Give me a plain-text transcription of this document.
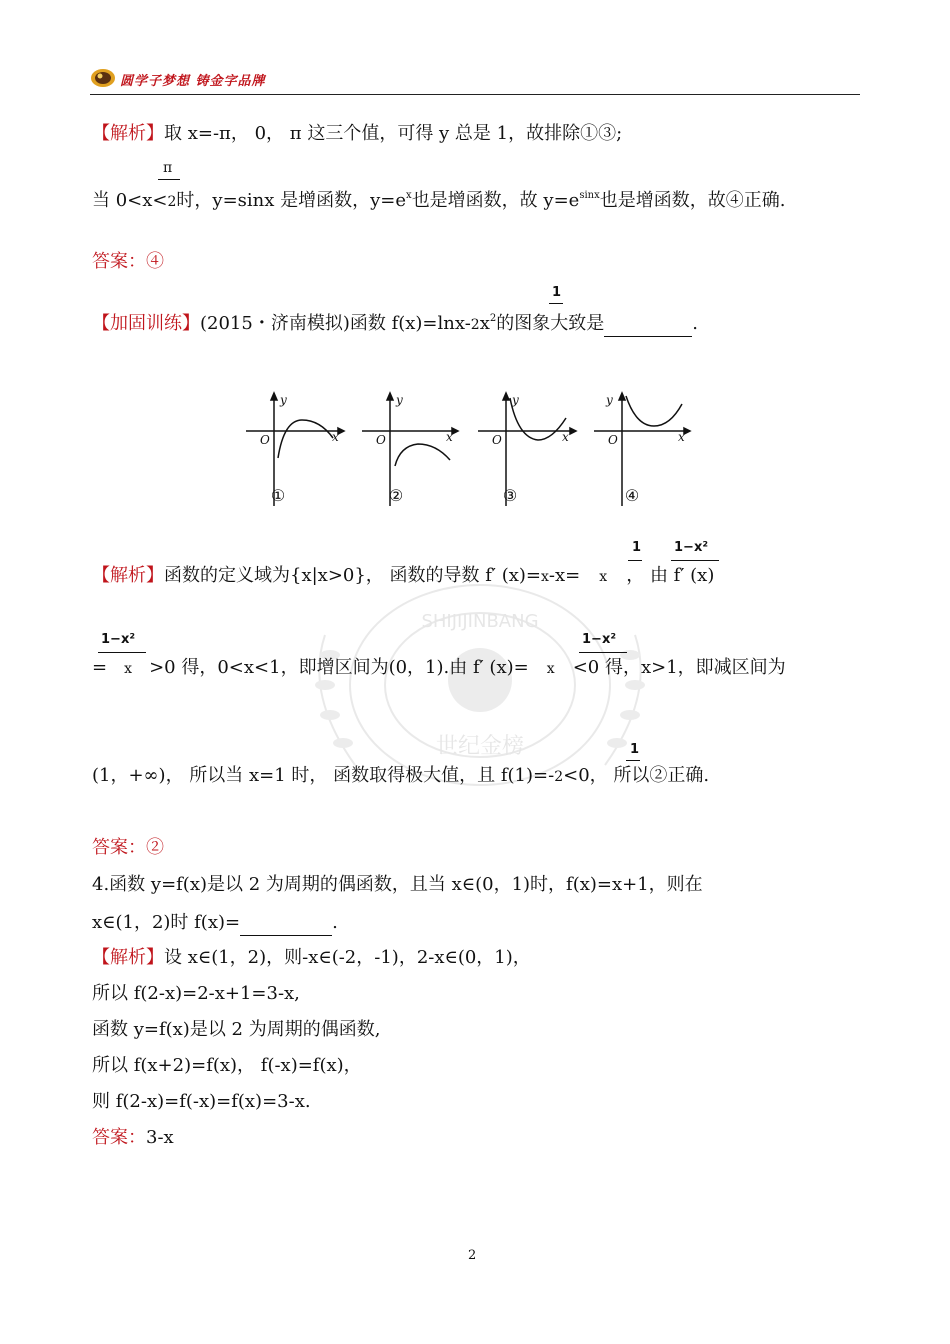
圆学子梦想 铸金字品牌
SHIJIJINBANG
世纪金榜
【解析】取 x=-π， 0， π 这三个值，可得 y 总是 1，故排除①③;
π
当 0<x<2时，y=sinx 是增函数，$y=e^x$也是增函数，故 $y=e^{sinx}$也是增函数，故④正确.
答案：④
1
【加固训练】(2015・济南模拟)函数 $f(x)=\ln x-2x^2$的图象大致是	.
y
x
O
y
x
O
y
x
O
y
x
O
①	②	③	④
1	1−x²
【解析】函数的定义域为{x|x>0}， 函数的导数 f′ (x)=x-x= x ， 由 f′ (x)
1−x²	1−x²
= x >0 得，0<x<1，即增区间为(0，1).由 f′ (x)= x <0 得，x>1，即减区间为
1
(1，+∞)， 所以当 x=1 时， 函数取得极大值，且 f(1)=-2<0， 所以②正确.
答案：②
4.函数 y=f(x)是以 2 为周期的偶函数，且当 x∈(0，1)时，f(x)=x+1，则在
x∈(1，2)时 f(x)=	.
【解析】设 x∈(1，2)，则-x∈(-2，-1)，2-x∈(0，1)，
所以 f(2-x)=2-x+1=3-x,
函数 y=f(x)是以 2 为周期的偶函数,
所以 f(x+2)=f(x)， f(-x)=f(x)，
则 f(2-x)=f(-x)=f(x)=3-x.
答案：3-x
2
